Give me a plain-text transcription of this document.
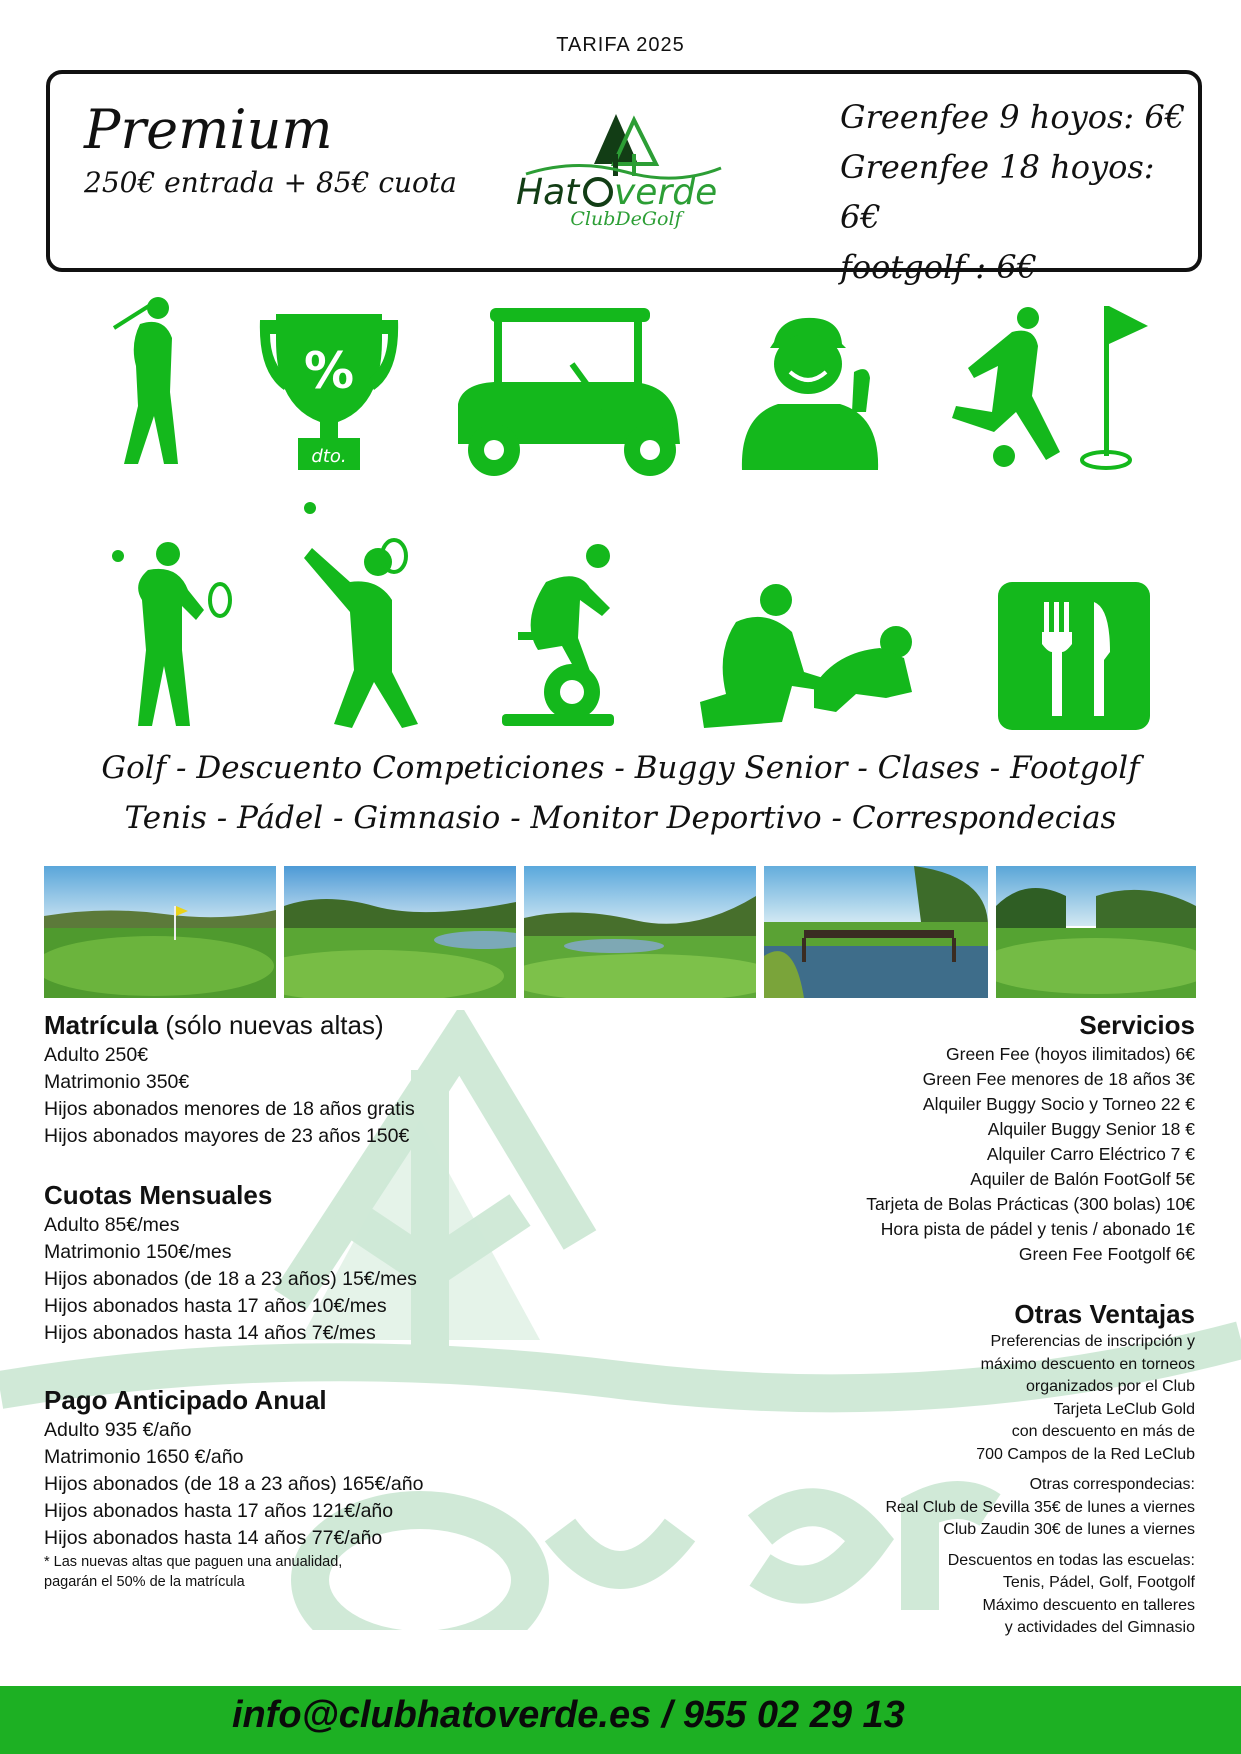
TARIFA 2025
Premium
250€ entrada + 85€ cuota Hat verde
ClubDeGolf
Greenfee 9 hoyos: 6€
Greenfee 18 hoyos: 6€
footgolf : 6€
%
dto.
Golf - Descuento Competiciones - Buggy Senior - Clases - Footgolf
Tenis - Pádel - Gimnasio - Monitor Deportivo - Correspondecias
Matrícula (sólo nuevas altas)
Adulto 250€
Matrimonio 350€
Hijos abonados menores de 18 años gratis
Hijos abonados mayores de 23 años 150€
Cuotas Mensuales
Adulto 85€/mes
Matrimonio 150€/mes
Hijos abonados (de 18 a 23 años) 15€/mes
Hijos abonados hasta 17 años 10€/mes
Hijos abonados hasta 14 años 7€/mes
Pago Anticipado Anual
Adulto 935 €/año
Matrimonio 1650 €/año
Hijos abonados (de 18 a 23 años) 165€/año
Hijos abonados hasta 17 años 121€/año
Hijos abonados hasta 14 años 77€/año
* Las nuevas altas que paguen una anualidad,
pagarán el 50% de la matrícula
Servicios
Green Fee (hoyos ilimitados) 6€
Green Fee menores de 18 años 3€
Alquiler Buggy Socio y Torneo 22 €
Alquiler Buggy Senior 18 €
Alquiler Carro Eléctrico 7 €
Aquiler de Balón FootGolf 5€
Tarjeta de Bolas Prácticas (300 bolas) 10€
Hora pista de pádel y tenis / abonado 1€
Green Fee Footgolf 6€
Otras Ventajas
Preferencias de inscripción y
máximo descuento en torneos
organizados por el Club
Tarjeta LeClub Gold
con descuento en más de
700 Campos de la Red LeClub
Otras correspondecias:
Real Club de Sevilla 35€ de lunes a viernes
Club Zaudin 30€ de lunes a viernes
Descuentos en todas las escuelas:
Tenis, Pádel, Golf, Footgolf
Máximo descuento en talleres
y actividades del Gimnasio
info@clubhatoverde.es / 955 02 29 13
